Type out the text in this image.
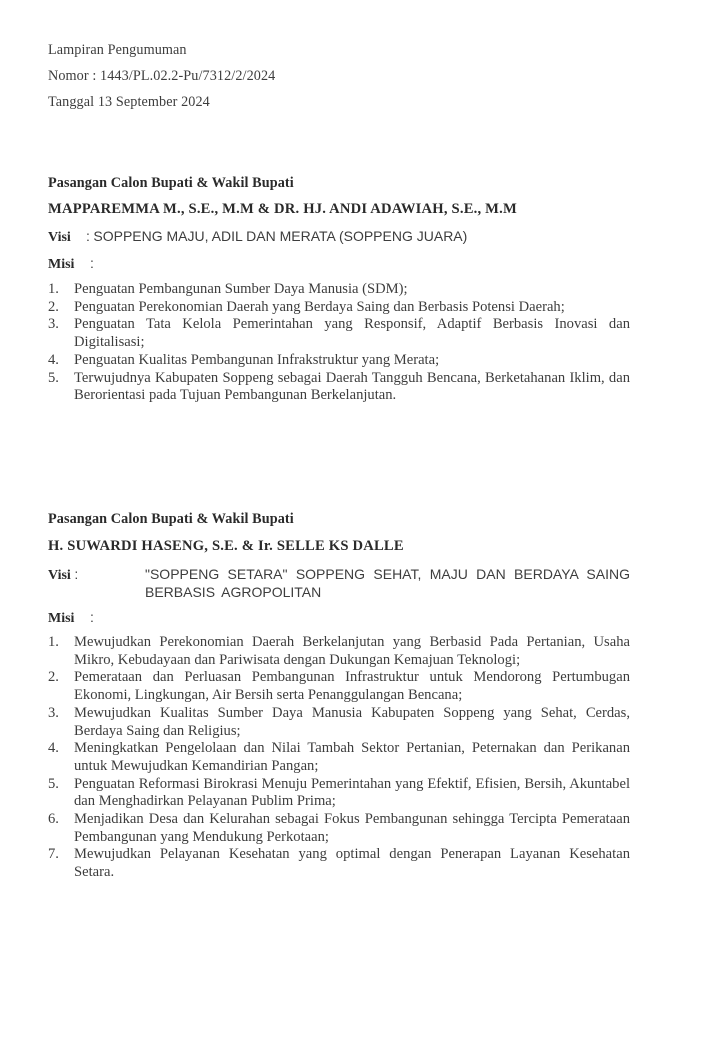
Lampiran Pengumuman
Nomor : 1443/PL.02.2-Pu/7312/2/2024
Tanggal 13 September 2024
Pasangan Calon Bupati & Wakil Bupati
MAPPAREMMA M., S.E., M.M & DR. HJ. ANDI ADAWIAH, S.E., M.M
Visi : SOPPENG MAJU, ADIL DAN MERATA (SOPPENG JUARA)
Misi :
1. Penguatan Pembangunan Sumber Daya Manusia (SDM);
2. Penguatan Perekonomian Daerah yang Berdaya Saing dan Berbasis Potensi Daerah;
3. Penguatan Tata Kelola Pemerintahan yang Responsif, Adaptif Berbasis Inovasi dan Digitalisasi;
4. Penguatan Kualitas Pembangunan Infrakstruktur yang Merata;
5. Terwujudnya Kabupaten Soppeng sebagai Daerah Tangguh Bencana, Berketahanan Iklim, dan Berorientasi pada Tujuan Pembangunan Berkelanjutan.
Pasangan Calon Bupati & Wakil Bupati
H. SUWARDI HASENG, S.E. & Ir. SELLE KS DALLE
Visi :	"SOPPENG SETARA" SOPPENG SEHAT, MAJU DAN BERDAYA SAING BERBASIS AGROPOLITAN
Misi :
1. Mewujudkan Perekonomian Daerah Berkelanjutan yang Berbasid Pada Pertanian, Usaha Mikro, Kebudayaan dan Pariwisata dengan Dukungan Kemajuan Teknologi;
2. Pemerataan dan Perluasan Pembangunan Infrastruktur untuk Mendorong Pertumbugan Ekonomi, Lingkungan, Air Bersih serta Penanggulangan Bencana;
3. Mewujudkan Kualitas Sumber Daya Manusia Kabupaten Soppeng yang Sehat, Cerdas, Berdaya Saing dan Religius;
4. Meningkatkan Pengelolaan dan Nilai Tambah Sektor Pertanian, Peternakan dan Perikanan untuk Mewujudkan Kemandirian Pangan;
5. Penguatan Reformasi Birokrasi Menuju Pemerintahan yang Efektif, Efisien, Bersih, Akuntabel dan Menghadirkan Pelayanan Publim Prima;
6. Menjadikan Desa dan Kelurahan sebagai Fokus Pembangunan sehingga Tercipta Pemerataan Pembangunan yang Mendukung Perkotaan;
7. Mewujudkan Pelayanan Kesehatan yang optimal dengan Penerapan Layanan Kesehatan Setara.
